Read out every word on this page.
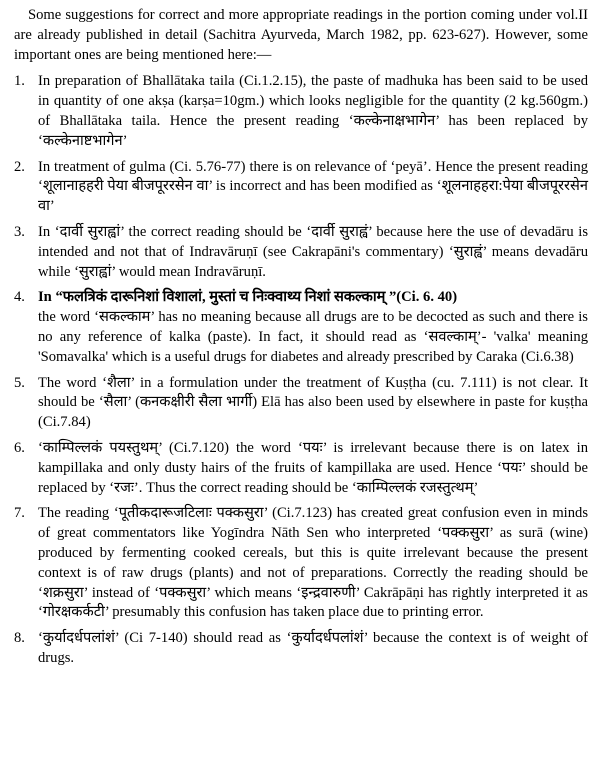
Some suggestions for correct and more appropriate readings in the portion coming under vol.II are already published in detail (Sachitra Ayurveda, March 1982, pp. 623-627). However, some important ones are being mentioned here:—

1. In preparation of Bhallātaka taila (Ci.1.2.15), the paste of madhuka has been said to be used in quantity of one akṣa (karṣa=10gm.) which looks negligible for the quantity (2 kg.560gm.) of Bhallātaka taila. Hence the present reading ‘कल्केनाक्षभागेन’ has been replaced by ‘कल्केनाष्टभागेन’

2. In treatment of gulma (Ci. 5.76-77) there is on relevance of ‘peyā’. Hence the present reading ‘शूलानाहहरी पेया बीजपूररसेन वा’ is incorrect and has been modified as ‘शूलनाहहरा:पेया बीजपूररसेन वा’

3. In ‘दार्वी सुराह्वां’ the correct reading should be ‘दार्वी सुराह्वं’ because here the use of devadāru is intended and not that of Indravāruṇī (see Cakrapāni's commentary) ‘सुराह्वं’ means devadāru while ‘सुराह्वां’ would mean Indravāruṇī.

4. In “फलत्रिकं दारूनिशां विशालां, मुस्तां च निःक्वाथ्य निशां सकल्काम् ”(Ci. 6. 40)

the word ‘सकल्काम’ has no meaning because all drugs are to be decocted as such and there is no any reference of kalka (paste). In fact, it should read as ‘सवल्काम्’- 'valka' meaning 'Somavalka' which is a useful drugs for diabetes and already prescribed by Caraka (Ci.6.38)

5. The word ‘शैला’ in a formulation under the treatment of Kuṣṭha (cu. 7.111) is not clear. It should be ‘सैला’ (कनकक्षीरी सैला भार्गी) Elā has also been used by elsewhere in paste for kuṣṭha (Ci.7.84)

6. ‘काम्पिल्लकं पयस्तुथम्’ (Ci.7.120) the word ‘पयः’ is irrelevant because there is on latex in kampillaka and only dusty hairs of the fruits of kampillaka are used. Hence ‘पयः’ should be replaced by ‘रजः’. Thus the correct reading should be ‘काम्पिल्लकं रजस्तुत्थम्’

7. The reading ‘पूतीकदारूजटिलाः पक्कसुरा’ (Ci.7.123) has created great confusion even in minds of great commentators like Yogīndra Nāth Sen who interpreted ‘पक्कसुरा’ as surā (wine) produced by fermenting cooked cereals, but this is quite irrelevant because the present context is of raw drugs (plants) and not of preparations. Correctly the reading should be ‘शक्रसुरा’ instead of ‘पक्कसुरा’ which means ‘इन्द्रवारुणी’ Cakrāpāṇi has rightly interpreted it as ‘गोरक्षकर्कटी’ presumably this confusion has taken place due to printing error.

8. ‘कुर्यादर्धपलांशं’ (Ci 7-140) should read as ‘कुर्यादर्धपलांशं’ because the context is of weight of drugs.
